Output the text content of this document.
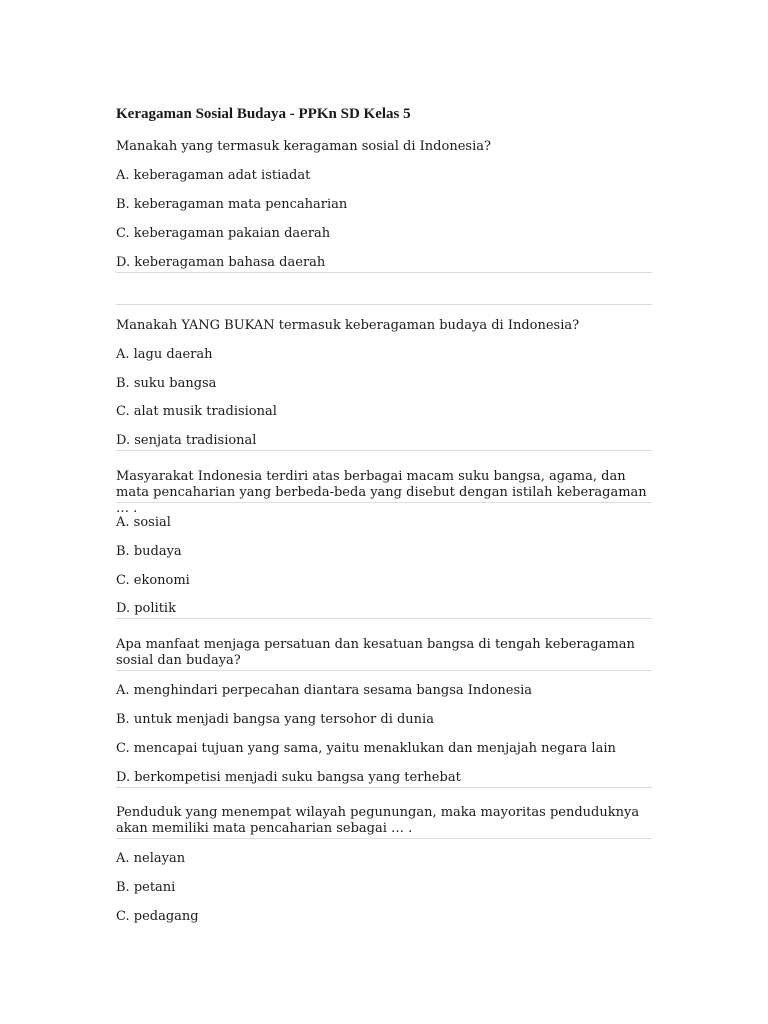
Keragaman Sosial Budaya - PPKn SD Kelas 5
Manakah yang termasuk keragaman sosial di Indonesia?
A. keberagaman adat istiadat
B. keberagaman mata pencaharian
C. keberagaman pakaian daerah
D. keberagaman bahasa daerah
Manakah YANG BUKAN termasuk keberagaman budaya di Indonesia?
A. lagu daerah
B. suku bangsa
C. alat musik tradisional
D. senjata tradisional
Masyarakat Indonesia terdiri atas berbagai macam suku bangsa, agama, dan mata pencaharian yang berbeda-beda yang disebut dengan istilah keberagaman … .
A. sosial
B. budaya
C. ekonomi
D. politik
Apa manfaat menjaga persatuan dan kesatuan bangsa di tengah keberagaman sosial dan budaya?
A. menghindari perpecahan diantara sesama bangsa Indonesia
B. untuk menjadi bangsa yang tersohor di dunia
C. mencapai tujuan yang sama, yaitu menaklukan dan menjajah negara lain
D. berkompetisi menjadi suku bangsa yang terhebat
Penduduk yang menempat wilayah pegunungan, maka mayoritas penduduknya akan memiliki mata pencaharian sebagai … .
A. nelayan
B. petani
C. pedagang
